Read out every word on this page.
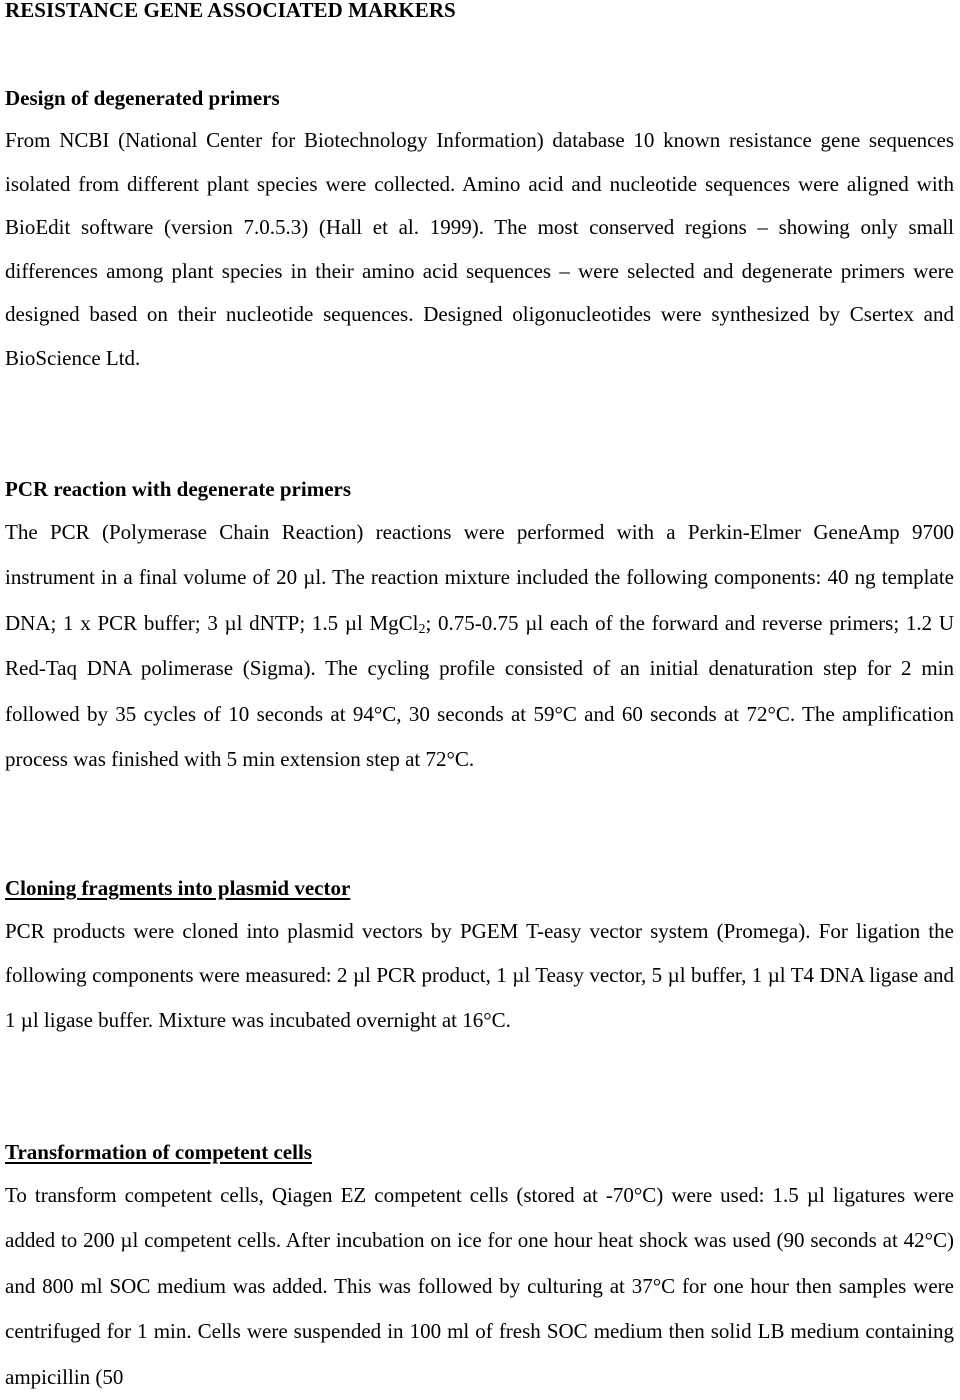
RESISTANCE GENE ASSOCIATED MARKERS
Design of degenerated primers

From NCBI (National Center for Biotechnology Information) database 10 known resistance gene sequences isolated from different plant species were collected. Amino acid and nucleotide sequences were aligned with BioEdit software (version 7.0.5.3) (Hall et al. 1999). The most conserved regions – showing only small differences among plant species in their amino acid sequences – were selected and degenerate primers were designed based on their nucleotide sequences. Designed oligonucleotides were synthesized by Csertex and BioScience Ltd.

PCR reaction with degenerate primers

The PCR (Polymerase Chain Reaction) reactions were performed with a Perkin-Elmer GeneAmp 9700 instrument in a final volume of 20 µl. The reaction mixture included the following components: 40 ng template DNA; 1 x PCR buffer; 3 µl dNTP; 1.5 µl MgCl$_2$; 0.75-0.75 µl each of the forward and reverse primers; 1.2 U Red-Taq DNA polimerase (Sigma). The cycling profile consisted of an initial denaturation step for 2 min followed by 35 cycles of 10 seconds at 94°C, 30 seconds at 59°C and 60 seconds at 72°C. The amplification process was finished with 5 min extension step at 72°C.

Cloning fragments into plasmid vector

PCR products were cloned into plasmid vectors by PGEM T-easy vector system (Promega). For ligation the following components were measured: 2 µl PCR product, 1 µl Teasy vector, 5 µl buffer, 1 µl T4 DNA ligase and 1 µl ligase buffer. Mixture was incubated overnight at 16°C.

Transformation of competent cells

To transform competent cells, Qiagen EZ competent cells (stored at -70°C) were used: 1.5 µl ligatures were added to 200 µl competent cells. After incubation on ice for one hour heat shock was used (90 seconds at 42°C) and 800 ml SOC medium was added. This was followed by culturing at 37°C for one hour then samples were centrifuged for 1 min. Cells were suspended in 100 ml of fresh SOC medium then solid LB medium containing ampicillin (50
